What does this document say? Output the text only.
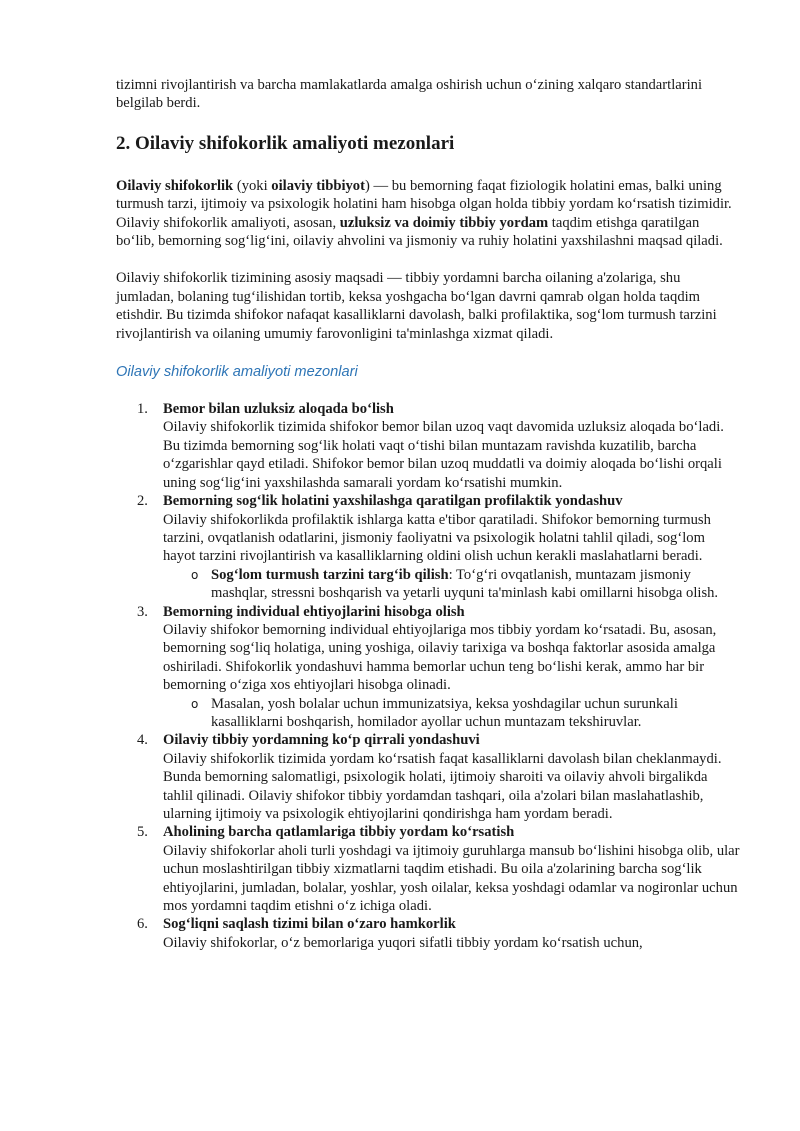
tizimni rivojlantirish va barcha mamlakatlarda amalga oshirish uchun o‘zining xalqaro standartlarini belgilab berdi.

2. Oilaviy shifokorlik amaliyoti mezonlari

Oilaviy shifokorlik (yoki oilaviy tibbiyot) — bu bemorning faqat fiziologik holatini emas, balki uning turmush tarzi, ijtimoiy va psixologik holatini ham hisobga olgan holda tibbiy yordam ko‘rsatish tizimidir. Oilaviy shifokorlik amaliyoti, asosan, uzluksiz va doimiy tibbiy yordam taqdim etishga qaratilgan bo‘lib, bemorning sog‘lig‘ini, oilaviy ahvolini va jismoniy va ruhiy holatini yaxshilashni maqsad qiladi.

Oilaviy shifokorlik tizimining asosiy maqsadi — tibbiy yordamni barcha oilaning a'zolariga, shu jumladan, bolaning tug‘ilishidan tortib, keksa yoshgacha bo‘lgan davrni qamrab olgan holda taqdim etishdir. Bu tizimda shifokor nafaqat kasalliklarni davolash, balki profilaktika, sog‘lom turmush tarzini rivojlantirish va oilaning umumiy farovonligini ta'minlashga xizmat qiladi.

Oilaviy shifokorlik amaliyoti mezonlari
1. Bemor bilan uzluksiz aloqada bo‘lish
Oilaviy shifokorlik tizimida shifokor bemor bilan uzoq vaqt davomida uzluksiz aloqada bo‘ladi. Bu tizimda bemorning sog‘lik holati vaqt o‘tishi bilan muntazam ravishda kuzatilib, barcha o‘zgarishlar qayd etiladi. Shifokor bemor bilan uzoq muddatli va doimiy aloqada bo‘lishi orqali uning sog‘lig‘ini yaxshilashda samarali yordam ko‘rsatishi mumkin.
2. Bemorning sog‘lik holatini yaxshilashga qaratilgan profilaktik yondashuv
Oilaviy shifokorlikda profilaktik ishlarga katta e'tibor qaratiladi. Shifokor bemorning turmush tarzini, ovqatlanish odatlarini, jismoniy faoliyatni va psixologik holatni tahlil qiladi, sog‘lom hayot tarzini rivojlantirish va kasalliklarning oldini olish uchun kerakli maslahatlarni beradi.
o Sog‘lom turmush tarzini targ‘ib qilish: To‘g‘ri ovqatlanish, muntazam jismoniy mashqlar, stressni boshqarish va yetarli uyquni ta'minlash kabi omillarni hisobga olish.
3. Bemorning individual ehtiyojlarini hisobga olish
Oilaviy shifokor bemorning individual ehtiyojlariga mos tibbiy yordam ko‘rsatadi. Bu, asosan, bemorning sog‘liq holatiga, uning yoshiga, oilaviy tarixiga va boshqa faktorlar asosida amalga oshiriladi. Shifokorlik yondashuvi hamma bemorlar uchun teng bo‘lishi kerak, ammo har bir bemorning o‘ziga xos ehtiyojlari hisobga olinadi.
o Masalan, yosh bolalar uchun immunizatsiya, keksa yoshdagilar uchun surunkali kasalliklarni boshqarish, homilador ayollar uchun muntazam tekshiruvlar.
4. Oilaviy tibbiy yordamning ko‘p qirrali yondashuvi
Oilaviy shifokorlik tizimida yordam ko‘rsatish faqat kasalliklarni davolash bilan cheklanmaydi. Bunda bemorning salomatligi, psixologik holati, ijtimoiy sharoiti va oilaviy ahvoli birgalikda tahlil qilinadi. Oilaviy shifokor tibbiy yordamdan tashqari, oila a'zolari bilan maslahatlashib, ularning ijtimoiy va psixologik ehtiyojlarini qondirishga ham yordam beradi.
5. Aholining barcha qatlamlariga tibbiy yordam ko‘rsatish
Oilaviy shifokorlar aholi turli yoshdagi va ijtimoiy guruhlarga mansub bo‘lishini hisobga olib, ular uchun moslashtirilgan tibbiy xizmatlarni taqdim etishadi. Bu oila a'zolarining barcha sog‘lik ehtiyojlarini, jumladan, bolalar, yoshlar, yosh oilalar, keksa yoshdagi odamlar va nogironlar uchun mos yordamni taqdim etishni o‘z ichiga oladi.
6. Sog‘liqni saqlash tizimi bilan o‘zaro hamkorlik
Oilaviy shifokorlar, o‘z bemorlariga yuqori sifatli tibbiy yordam ko‘rsatish uchun,
